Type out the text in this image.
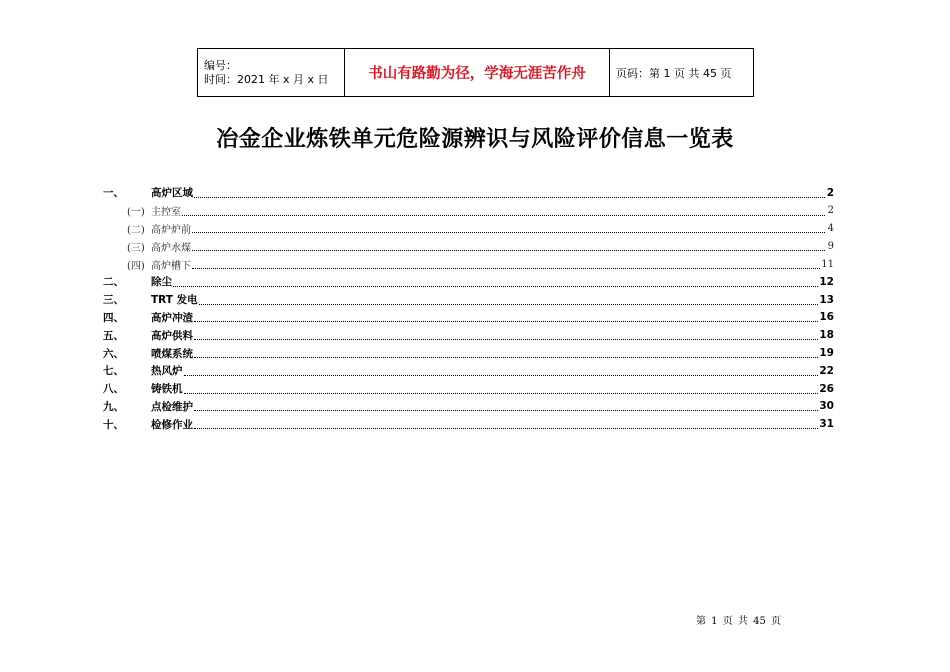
编号：
时间：2021 年 x 月 x 日	书山有路勤为径，学海无涯苦作舟	页码：第 1 页 共 45 页
冶金企业炼铁单元危险源辨识与风险评价信息一览表
一、	高炉区域	2
(一) 主控室	2
(二) 高炉炉前	4
(三) 高炉水煤	9
(四) 高炉槽下	11
二、	除尘	12
三、	TRT 发电	13
四、	高炉冲渣	16
五、	高炉供料	18
六、	喷煤系统	19
七、	热风炉	22
八、	铸铁机	26
九、	点检维护	30
十、	检修作业	31
第 1 页 共 45 页
